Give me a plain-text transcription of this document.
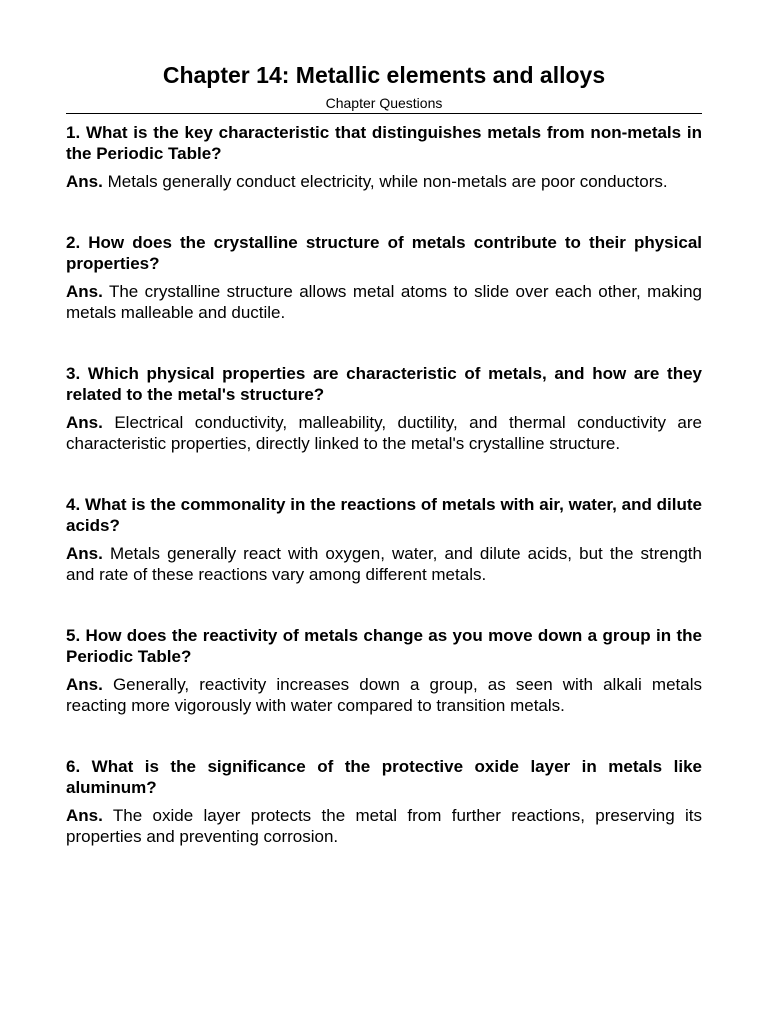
Chapter 14: Metallic elements and alloys
Chapter Questions

1. What is the key characteristic that distinguishes metals from non-metals in the Periodic Table?

Ans. Metals generally conduct electricity, while non-metals are poor conductors.

2. How does the crystalline structure of metals contribute to their physical properties?

Ans. The crystalline structure allows metal atoms to slide over each other, making metals malleable and ductile.

3. Which physical properties are characteristic of metals, and how are they related to the metal's structure?

Ans. Electrical conductivity, malleability, ductility, and thermal conductivity are characteristic properties, directly linked to the metal's crystalline structure.

4. What is the commonality in the reactions of metals with air, water, and dilute acids?

Ans. Metals generally react with oxygen, water, and dilute acids, but the strength and rate of these reactions vary among different metals.

5. How does the reactivity of metals change as you move down a group in the Periodic Table?

Ans. Generally, reactivity increases down a group, as seen with alkali metals reacting more vigorously with water compared to transition metals.

6. What is the significance of the protective oxide layer in metals like aluminum?

Ans. The oxide layer protects the metal from further reactions, preserving its properties and preventing corrosion.
